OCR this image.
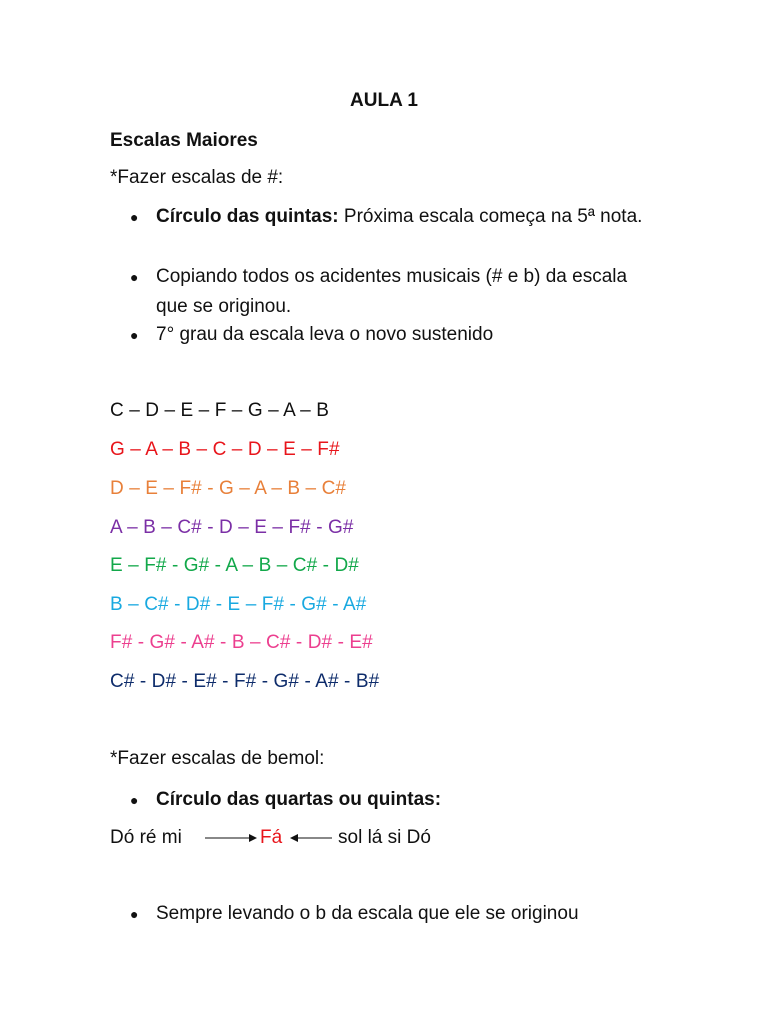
AULA 1
Escalas Maiores
*Fazer escalas de #:
● Círculo das quintas: Próxima escala começa na 5ª nota.
● Copiando todos os acidentes musicais (# e b) da escala que se originou.
● 7° grau da escala leva o novo sustenido
C – D – E – F – G – A – B
G – A – B – C – D – E – F#
D – E – F# - G – A – B – C#
A – B – C# - D – E – F# - G#
E – F# - G# - A – B – C# - D#
B – C# - D# - E – F# - G# - A#
F# - G# - A# - B – C# - D# - E#
C# - D# - E# - F# - G# - A# - B#
*Fazer escalas de bemol:
● Círculo das quartas ou quintas:
Dó ré mi	Fá	sol lá si Dó
● Sempre levando o b da escala que ele se originou
